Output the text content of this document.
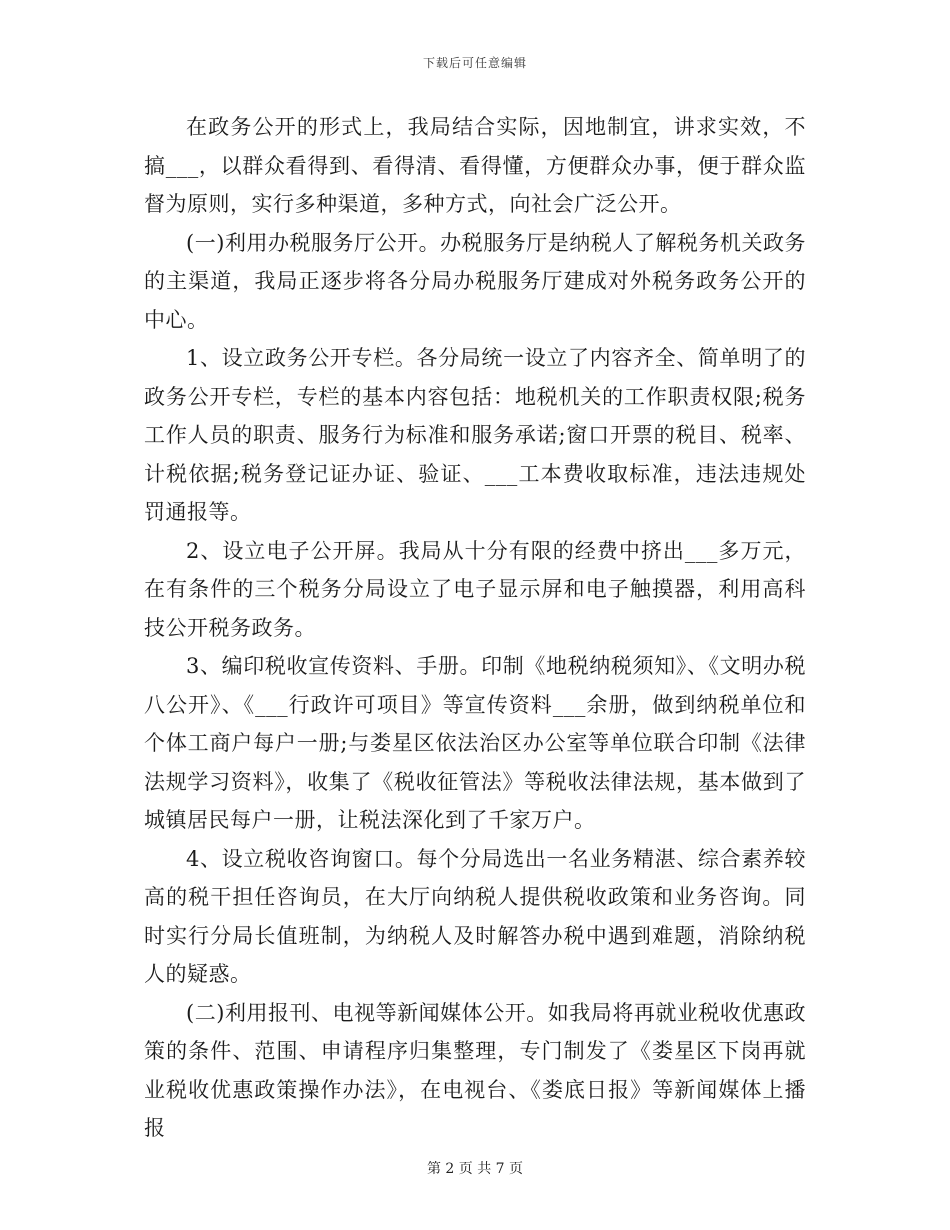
下载后可任意编辑

在政务公开的形式上，我局结合实际，因地制宜，讲求实效，不搞___，以群众看得到、看得清、看得懂，方便群众办事，便于群众监督为原则，实行多种渠道，多种方式，向社会广泛公开。

(一)利用办税服务厅公开。办税服务厅是纳税人了解税务机关政务的主渠道，我局正逐步将各分局办税服务厅建成对外税务政务公开的中心。

1、设立政务公开专栏。各分局统一设立了内容齐全、简单明了的政务公开专栏，专栏的基本内容包括：地税机关的工作职责权限;税务工作人员的职责、服务行为标准和服务承诺;窗口开票的税目、税率、计税依据;税务登记证办证、验证、___工本费收取标准，违法违规处罚通报等。

2、设立电子公开屏。我局从十分有限的经费中挤出___多万元，在有条件的三个税务分局设立了电子显示屏和电子触摸器，利用高科技公开税务政务。

3、编印税收宣传资料、手册。印制《地税纳税须知》、《文明办税八公开》、《___行政许可项目》等宣传资料___余册，做到纳税单位和个体工商户每户一册;与娄星区依法治区办公室等单位联合印制《法律法规学习资料》，收集了《税收征管法》等税收法律法规，基本做到了城镇居民每户一册，让税法深化到了千家万户。

4、设立税收咨询窗口。每个分局选出一名业务精湛、综合素养较高的税干担任咨询员，在大厅向纳税人提供税收政策和业务咨询。同时实行分局长值班制，为纳税人及时解答办税中遇到难题，消除纳税人的疑惑。

(二)利用报刊、电视等新闻媒体公开。如我局将再就业税收优惠政策的条件、范围、申请程序归集整理，专门制发了《娄星区下岗再就业税收优惠政策操作办法》，在电视台、《娄底日报》等新闻媒体上播报

第 2 页 共 7 页
